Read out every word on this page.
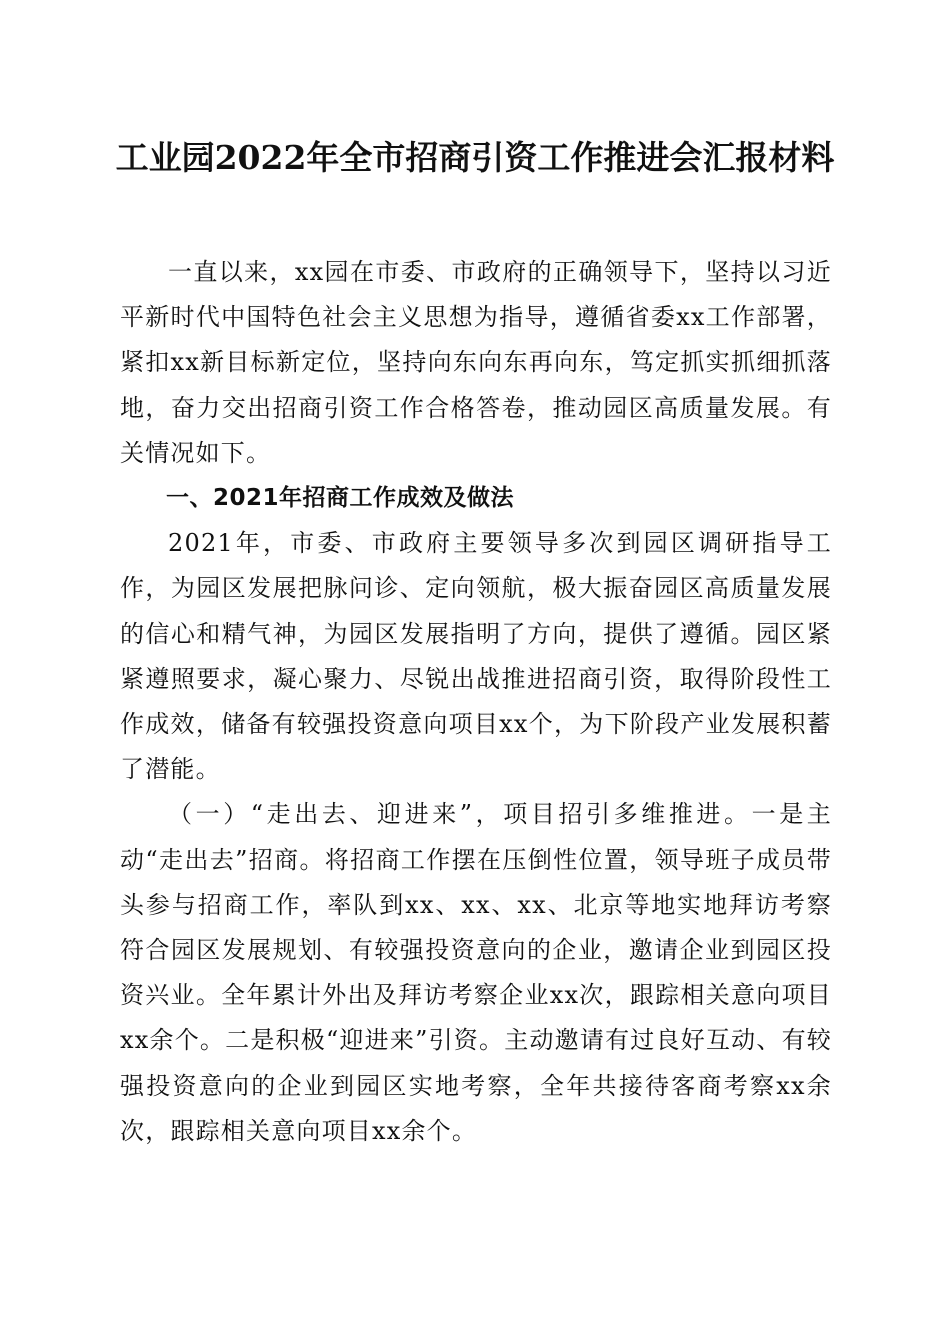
工业园2022年全市招商引资工作推进会汇报材料

一直以来，xx园在市委、市政府的正确领导下，坚持以习近平新时代中国特色社会主义思想为指导，遵循省委xx工作部署，紧扣xx新目标新定位，坚持向东向东再向东，笃定抓实抓细抓落地，奋力交出招商引资工作合格答卷，推动园区高质量发展。有关情况如下。

一、2021年招商工作成效及做法

2021年，市委、市政府主要领导多次到园区调研指导工作，为园区发展把脉问诊、定向领航，极大振奋园区高质量发展的信心和精气神，为园区发展指明了方向，提供了遵循。园区紧紧遵照要求，凝心聚力、尽锐出战推进招商引资，取得阶段性工作成效，储备有较强投资意向项目xx个，为下阶段产业发展积蓄了潜能。

（一）“走出去、迎进来”，项目招引多维推进。一是主动“走出去”招商。将招商工作摆在压倒性位置，领导班子成员带头参与招商工作，率队到xx、xx、xx、北京等地实地拜访考察符合园区发展规划、有较强投资意向的企业，邀请企业到园区投资兴业。全年累计外出及拜访考察企业xx次，跟踪相关意向项目xx余个。二是积极“迎进来”引资。主动邀请有过良好互动、有较强投资意向的企业到园区实地考察，全年共接待客商考察xx余次，跟踪相关意向项目xx余个。
